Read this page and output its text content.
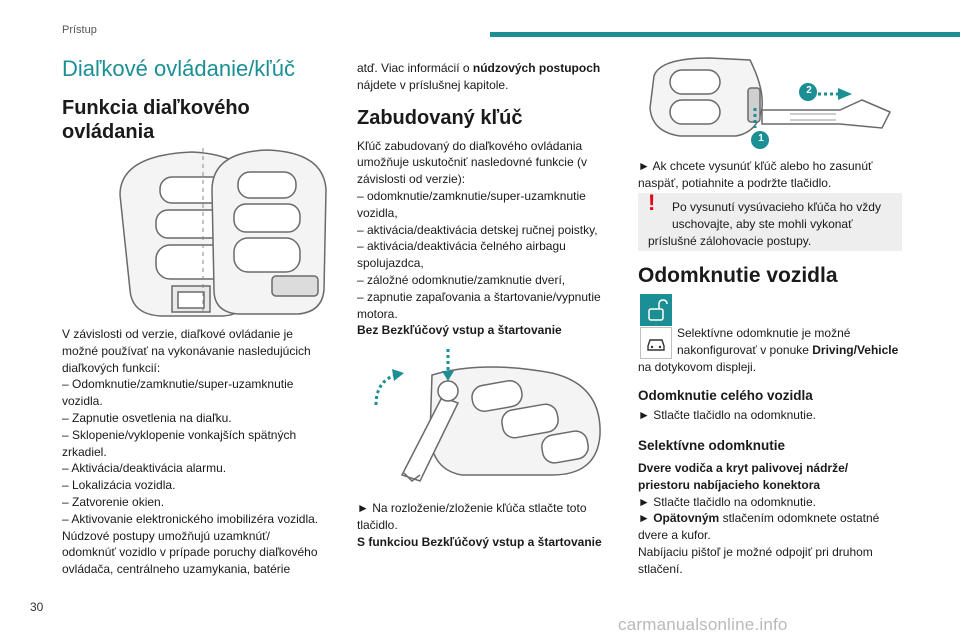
Prístup
Diaľkové ovládanie/kľúč
Funkcia diaľkového
ovládania

V závislosti od verzie, diaľkové ovládanie je

možné používať na vykonávanie nasledujúcich

diaľkových funkcií:

– Odomknutie/zamknutie/super-uzamknutie

vozidla.

– Zapnutie osvetlenia na diaľku.

– Sklopenie/vyklopenie vonkajších spätných

zrkadiel.

– Aktivácia/deaktivácia alarmu.

– Lokalizácia vozidla.

– Zatvorenie okien.

– Aktivovanie elektronického imobilizéra vozidla.

Núdzové postupy umožňujú uzamknúť/

odomknúť vozidlo v prípade poruchy diaľkového

ovládača, centrálneho uzamykania, batérie

atď. Viac informácií o núdzových postupoch

nájdete v príslušnej kapitole.

Zabudovaný kľúč

Kľúč zabudovaný do diaľkového ovládania

umožňuje uskutočniť nasledovné funkcie (v

závislosti od verzie):

– odomknutie/zamknutie/super-uzamknutie

vozidla,

– aktivácia/deaktivácia detskej ručnej poistky,

– aktivácia/deaktivácia čelného airbagu

spolujazdca,

– záložné odomknutie/zamknutie dverí,

– zapnutie zapaľovania a štartovanie/vypnutie

motora.

Bez Bezkľúčový vstup a štartovanie

► Na rozloženie/zloženie kľúča stlačte toto

tlačidlo.

S funkciou Bezkľúčový vstup a štartovanie

2
1

► Ak chcete vysunúť kľúč alebo ho zasunúť

naspäť, potiahnite a podržte tlačidlo.

! Po vysunutí vysúvacieho kľúča ho vždy
uschovajte, aby ste mohli vykonať
príslušné zálohovacie postupy.
Odomknutie vozidla

Selektívne odomknutie je možné

nakonfigurovať v ponuke Driving/Vehicle

na dotykovom displeji.

Odomknutie celého vozidla

► Stlačte tlačidlo na odomknutie.

Selektívne odomknutie

Dvere vodiča a kryt palivovej nádrže/

priestoru nabíjacieho konektora

► Stlačte tlačidlo na odomknutie.

► Opätovným stlačením odomknete ostatné

dvere a kufor.

Nabíjaciu pištoľ je možné odpojiť pri druhom

stlačení.

30
carmanualsonline.info
